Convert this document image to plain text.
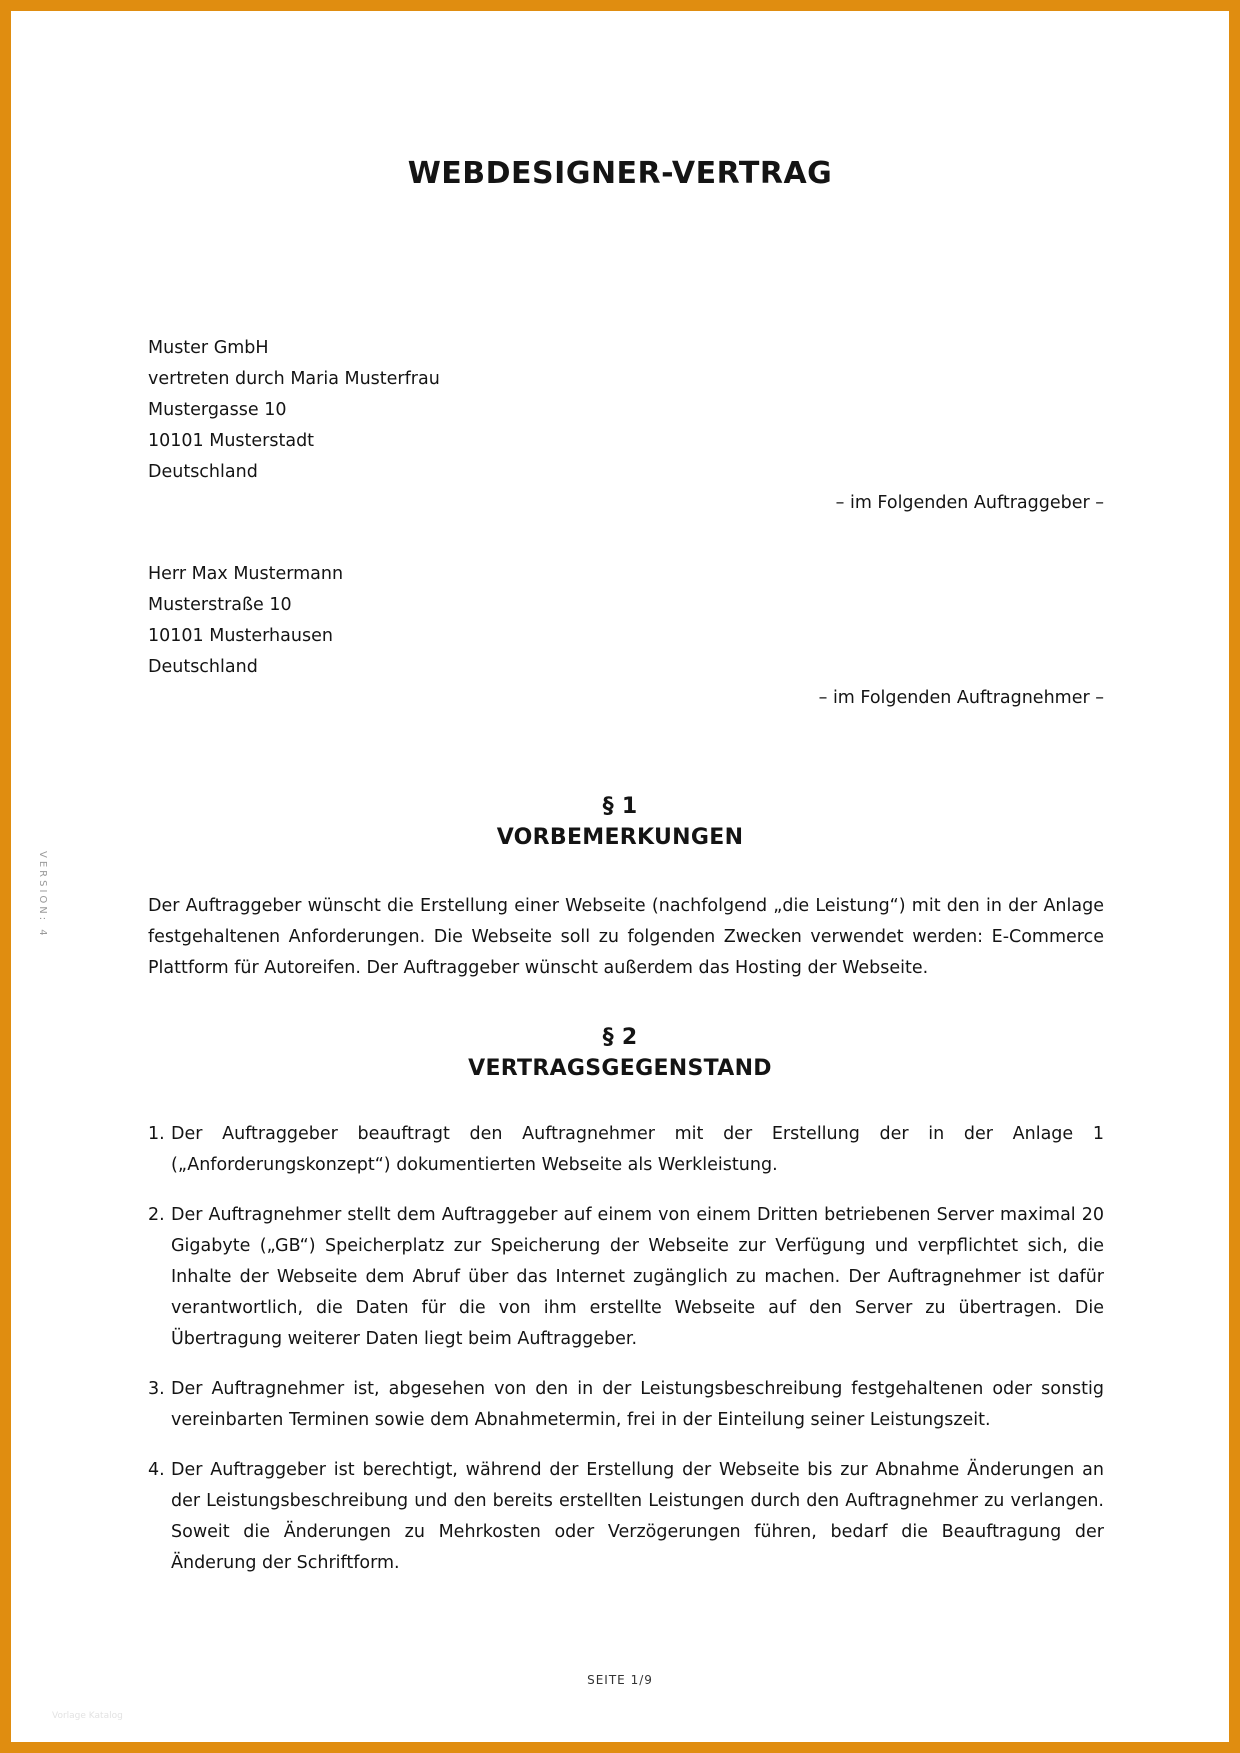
VERSION: 4
WEBDESIGNER-VERTRAG
Muster GmbH
vertreten durch Maria Musterfrau
Mustergasse 10
10101 Musterstadt
Deutschland
– im Folgenden Auftraggeber –
Herr Max Mustermann
Musterstraße 10
10101 Musterhausen
Deutschland
– im Folgenden Auftragnehmer –
§ 1
VORBEMERKUNGEN

Der Auftraggeber wünscht die Erstellung einer Webseite (nachfolgend „die Leistung“) mit den in der Anlage festgehaltenen Anforderungen. Die Webseite soll zu folgenden Zwecken verwendet werden: E-Commerce Plattform für Autoreifen. Der Auftraggeber wünscht außerdem das Hosting der Webseite.

§ 2
VERTRAGSGEGENSTAND
1. Der Auftraggeber beauftragt den Auftragnehmer mit der Erstellung der in der Anlage 1 („Anforderungskonzept“) dokumentierten Webseite als Werkleistung.
2. Der Auftragnehmer stellt dem Auftraggeber auf einem von einem Dritten betriebenen Server maximal 20 Gigabyte („GB“) Speicherplatz zur Speicherung der Webseite zur Verfügung und verpflichtet sich, die Inhalte der Webseite dem Abruf über das Internet zugänglich zu machen. Der Auftragnehmer ist dafür verantwortlich, die Daten für die von ihm erstellte Webseite auf den Server zu übertragen. Die Übertragung weiterer Daten liegt beim Auftraggeber.
3. Der Auftragnehmer ist, abgesehen von den in der Leistungsbeschreibung festgehaltenen oder sonstig vereinbarten Terminen sowie dem Abnahmetermin, frei in der Einteilung seiner Leistungszeit.
4. Der Auftraggeber ist berechtigt, während der Erstellung der Webseite bis zur Abnahme Änderungen an der Leistungsbeschreibung und den bereits erstellten Leistungen durch den Auftragnehmer zu verlangen. Soweit die Änderungen zu Mehrkosten oder Verzögerungen führen, bedarf die Beauftragung der Änderung der Schriftform.
SEITE 1/9
Vorlage Katalog
